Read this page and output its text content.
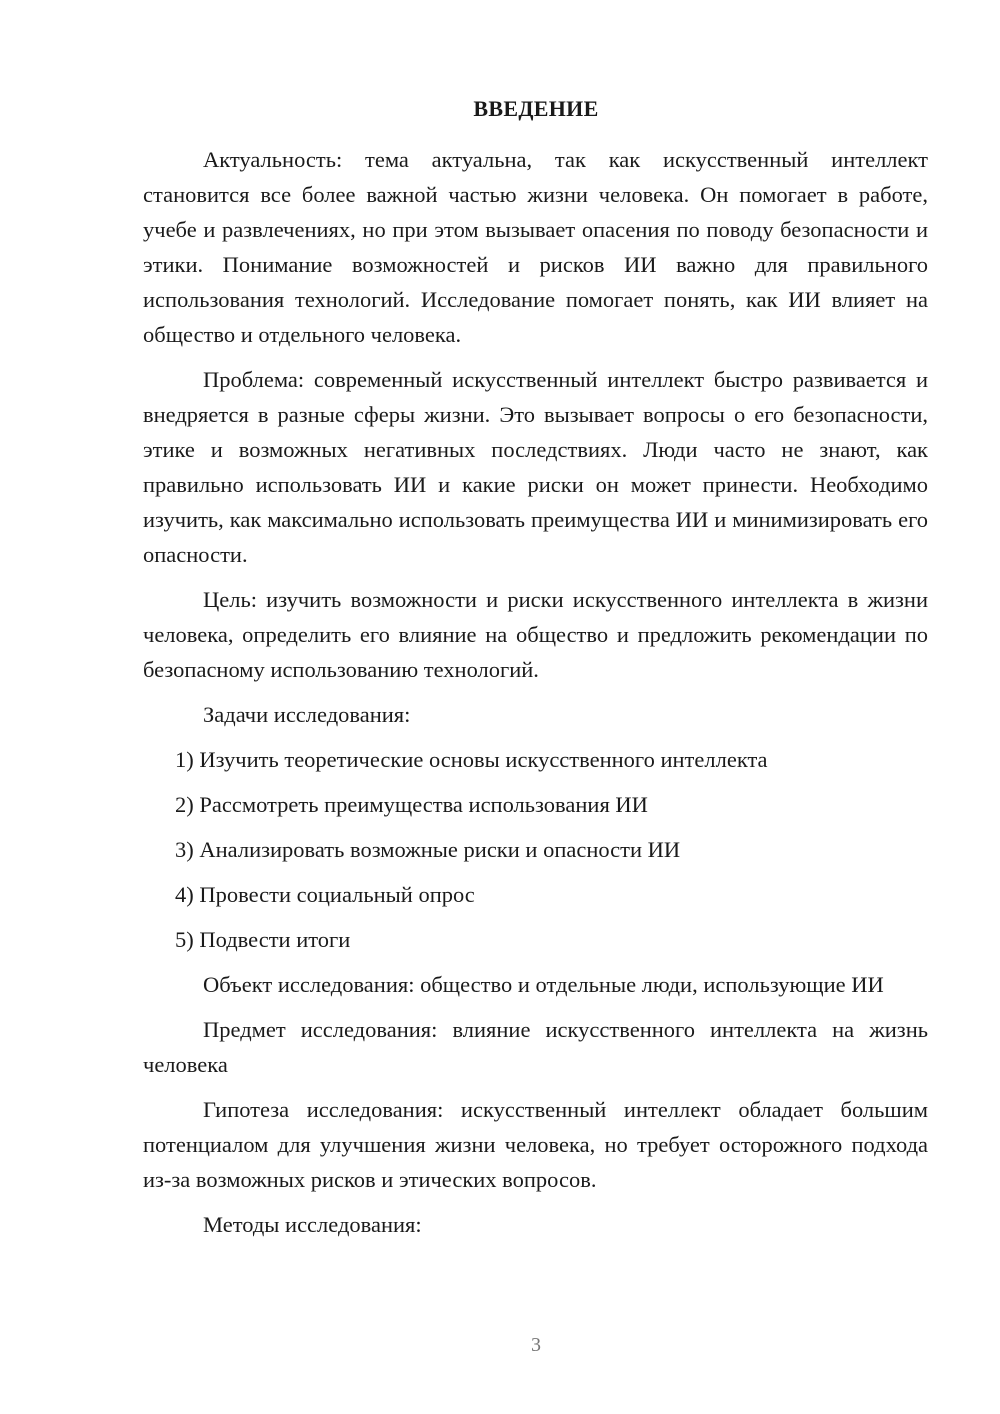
ВВЕДЕНИЕ

Актуальность: тема актуальна, так как искусственный интеллект становится все более важной частью жизни человека. Он помогает в работе, учебе и развлечениях, но при этом вызывает опасения по поводу безопасности и этики. Понимание возможностей и рисков ИИ важно для правильного использования технологий. Исследование помогает понять, как ИИ влияет на общество и отдельного человека.

Проблема: современный искусственный интеллект быстро развивается и внедряется в разные сферы жизни. Это вызывает вопросы о его безопасности, этике и возможных негативных последствиях. Люди часто не знают, как правильно использовать ИИ и какие риски он может принести. Необходимо изучить, как максимально использовать преимущества ИИ и минимизировать его опасности.

Цель: изучить возможности и риски искусственного интеллекта в жизни человека, определить его влияние на общество и предложить рекомендации по безопасному использованию технологий.

Задачи исследования:

1) Изучить теоретические основы искусственного интеллекта
2) Рассмотреть преимущества использования ИИ
3) Анализировать возможные риски и опасности ИИ
4) Провести социальный опрос
5) Подвести итоги

Объект исследования: общество и отдельные люди, использующие ИИ

Предмет исследования: влияние искусственного интеллекта на жизнь человека

Гипотеза исследования: искусственный интеллект обладает большим потенциалом для улучшения жизни человека, но требует осторожного подхода из-за возможных рисков и этических вопросов.

Методы исследования:

3
